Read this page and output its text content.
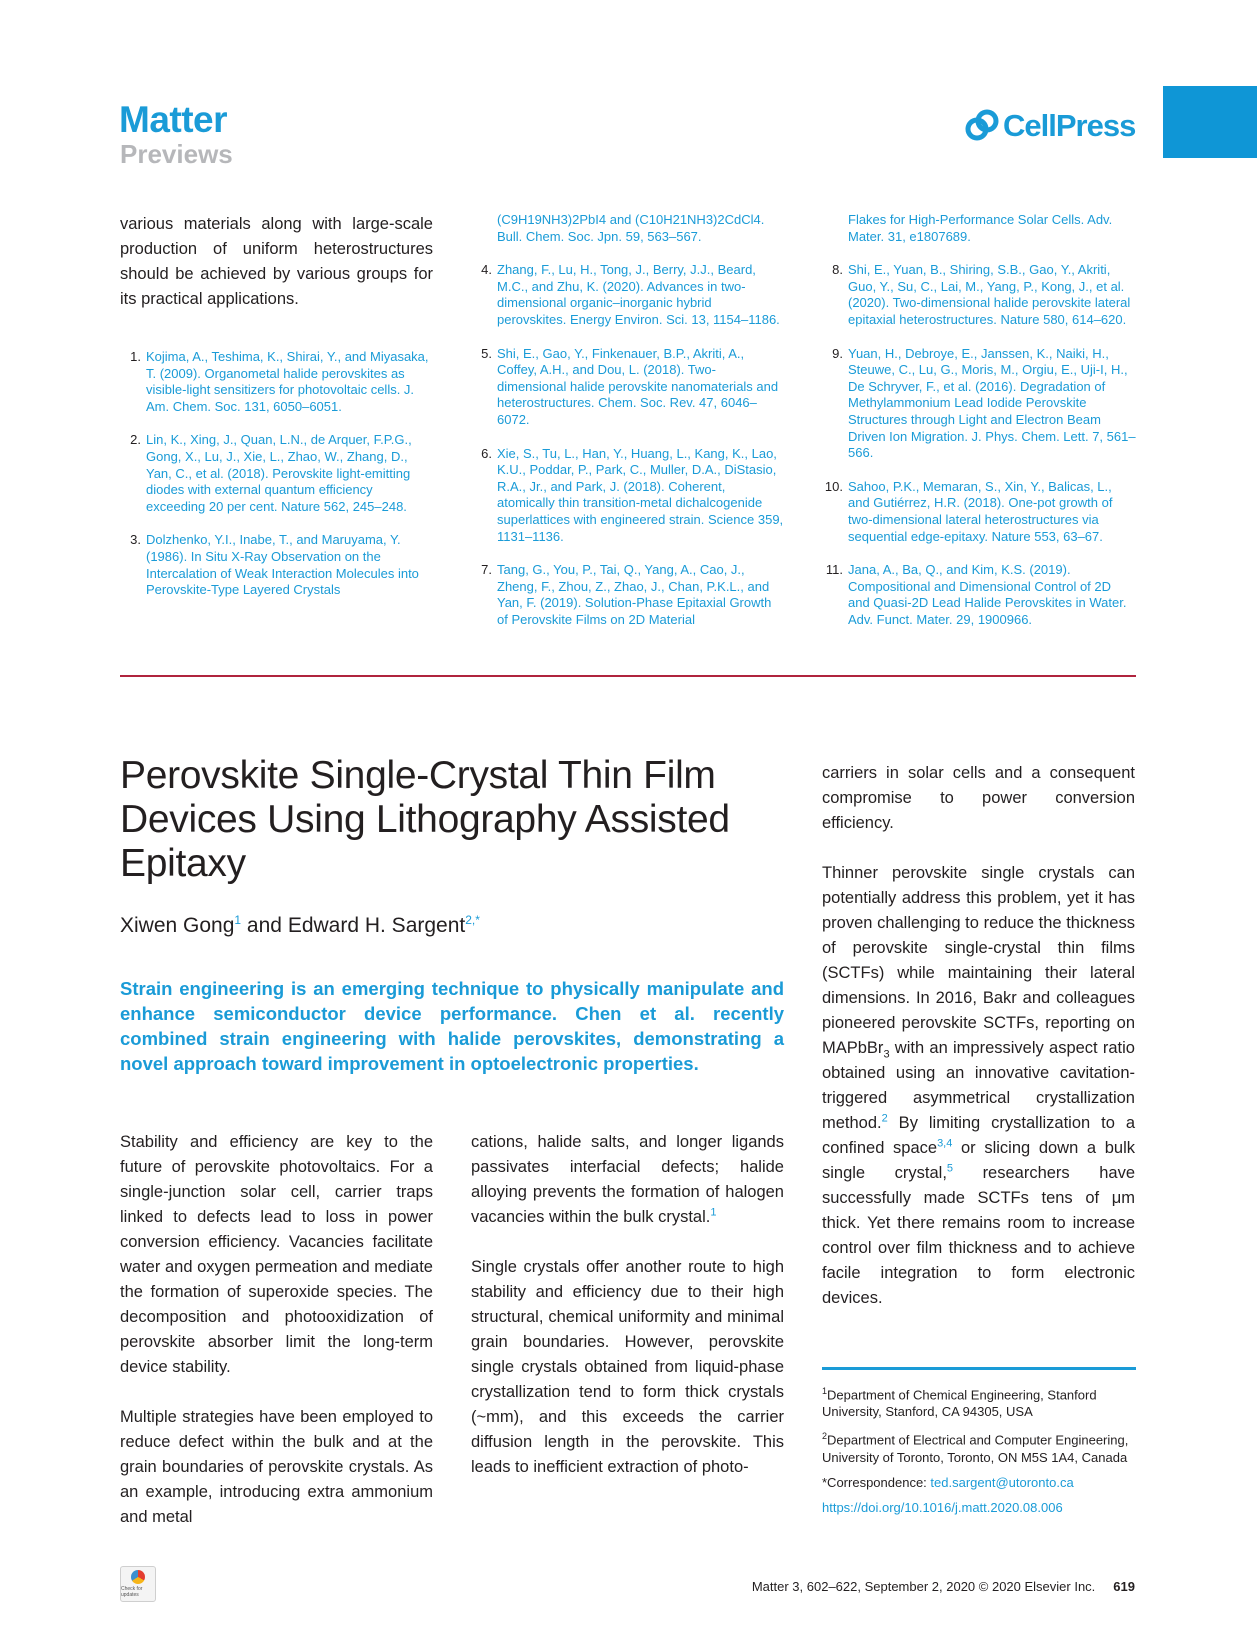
Matter
Previews
CellPress
various materials along with large-scale production of uniform heterostructures should be achieved by various groups for its practical applications.
1. Kojima, A., Teshima, K., Shirai, Y., and Miyasaka, T. (2009). Organometal halide perovskites as visible-light sensitizers for photovoltaic cells. J. Am. Chem. Soc. 131, 6050–6051.
2. Lin, K., Xing, J., Quan, L.N., de Arquer, F.P.G., Gong, X., Lu, J., Xie, L., Zhao, W., Zhang, D., Yan, C., et al. (2018). Perovskite light-emitting diodes with external quantum efficiency exceeding 20 per cent. Nature 562, 245–248.
3. Dolzhenko, Y.I., Inabe, T., and Maruyama, Y. (1986). In Situ X-Ray Observation on the Intercalation of Weak Interaction Molecules into Perovskite-Type Layered Crystals
(C9H19NH3)2PbI4 and (C10H21NH3)2CdCl4. Bull. Chem. Soc. Jpn. 59, 563–567.
4. Zhang, F., Lu, H., Tong, J., Berry, J.J., Beard, M.C., and Zhu, K. (2020). Advances in two-dimensional organic–inorganic hybrid perovskites. Energy Environ. Sci. 13, 1154–1186.
5. Shi, E., Gao, Y., Finkenauer, B.P., Akriti, A., Coffey, A.H., and Dou, L. (2018). Two-dimensional halide perovskite nanomaterials and heterostructures. Chem. Soc. Rev. 47, 6046–6072.
6. Xie, S., Tu, L., Han, Y., Huang, L., Kang, K., Lao, K.U., Poddar, P., Park, C., Muller, D.A., DiStasio, R.A., Jr., and Park, J. (2018). Coherent, atomically thin transition-metal dichalcogenide superlattices with engineered strain. Science 359, 1131–1136.
7. Tang, G., You, P., Tai, Q., Yang, A., Cao, J., Zheng, F., Zhou, Z., Zhao, J., Chan, P.K.L., and Yan, F. (2019). Solution-Phase Epitaxial Growth of Perovskite Films on 2D Material
Flakes for High-Performance Solar Cells. Adv. Mater. 31, e1807689.
8. Shi, E., Yuan, B., Shiring, S.B., Gao, Y., Akriti, Guo, Y., Su, C., Lai, M., Yang, P., Kong, J., et al. (2020). Two-dimensional halide perovskite lateral epitaxial heterostructures. Nature 580, 614–620.
9. Yuan, H., Debroye, E., Janssen, K., Naiki, H., Steuwe, C., Lu, G., Moris, M., Orgiu, E., Uji-I, H., De Schryver, F., et al. (2016). Degradation of Methylammonium Lead Iodide Perovskite Structures through Light and Electron Beam Driven Ion Migration. J. Phys. Chem. Lett. 7, 561–566.
10. Sahoo, P.K., Memaran, S., Xin, Y., Balicas, L., and Gutiérrez, H.R. (2018). One-pot growth of two-dimensional lateral heterostructures via sequential edge-epitaxy. Nature 553, 63–67.
11. Jana, A., Ba, Q., and Kim, K.S. (2019). Compositional and Dimensional Control of 2D and Quasi-2D Lead Halide Perovskites in Water. Adv. Funct. Mater. 29, 1900966.
Perovskite Single-Crystal Thin Film Devices Using Lithography Assisted Epitaxy
Xiwen Gong$^1$ and Edward H. Sargent$^{2,*}$
Strain engineering is an emerging technique to physically manipulate and enhance semiconductor device performance. Chen et al. recently combined strain engineering with halide perovskites, demonstrating a novel approach toward improvement in optoelectronic properties.
Stability and efficiency are key to the future of perovskite photovoltaics. For a single-junction solar cell, carrier traps linked to defects lead to loss in power conversion efficiency. Vacancies facilitate water and oxygen permeation and mediate the formation of superoxide species. The decomposition and photooxidization of perovskite absorber limit the long-term device stability.
Multiple strategies have been employed to reduce defect within the bulk and at the grain boundaries of perovskite crystals. As an example, introducing extra ammonium and metal
cations, halide salts, and longer ligands passivates interfacial defects; halide alloying prevents the formation of halogen vacancies within the bulk crystal.$^1$
Single crystals offer another route to high stability and efficiency due to their high structural, chemical uniformity and minimal grain boundaries. However, perovskite single crystals obtained from liquid-phase crystallization tend to form thick crystals (~mm), and this exceeds the carrier diffusion length in the perovskite. This leads to inefficient extraction of photo-
carriers in solar cells and a consequent compromise to power conversion efficiency.
Thinner perovskite single crystals can potentially address this problem, yet it has proven challenging to reduce the thickness of perovskite single-crystal thin films (SCTFs) while maintaining their lateral dimensions. In 2016, Bakr and colleagues pioneered perovskite SCTFs, reporting on MAPbBr$_3$ with an impressively aspect ratio obtained using an innovative cavitation-triggered asymmetrical crystallization method.$^2$ By limiting crystallization to a confined space$^{3,4}$ or slicing down a bulk single crystal,$^5$ researchers have successfully made SCTFs tens of μm thick. Yet there remains room to increase control over film thickness and to achieve facile integration to form electronic devices.

$^1$Department of Chemical Engineering, Stanford University, Stanford, CA 94305, USA

$^2$Department of Electrical and Computer Engineering, University of Toronto, Toronto, ON M5S 1A4, Canada

*Correspondence: ted.sargent@utoronto.ca

https://doi.org/10.1016/j.matt.2020.08.006

Check for updates
Matter 3, 602–622, September 2, 2020 © 2020 Elsevier Inc. 619
